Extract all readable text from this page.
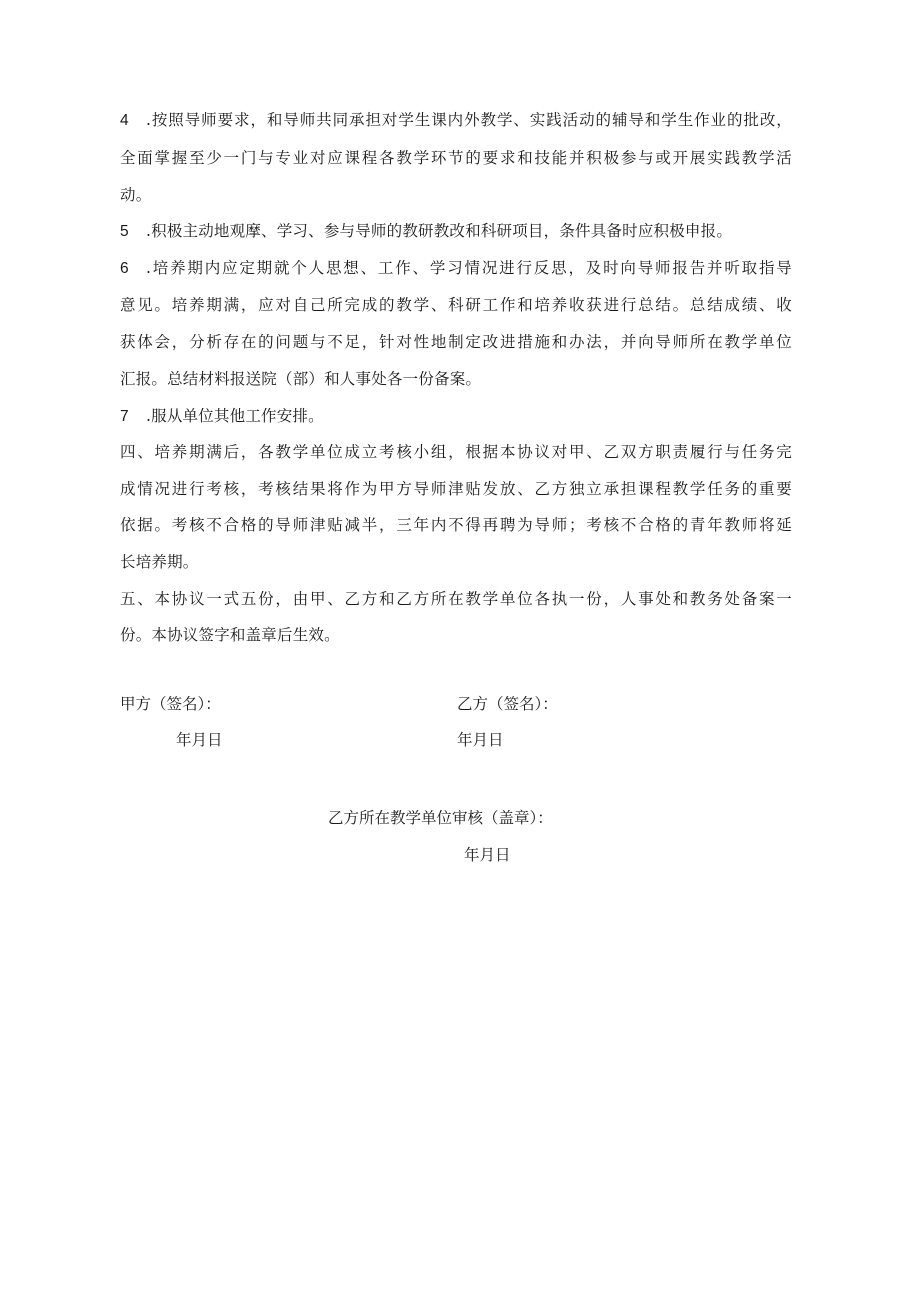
4 .按照导师要求，和导师共同承担对学生课内外教学、实践活动的辅导和学生作业的批改，
全面掌握至少一门与专业对应课程各教学环节的要求和技能并积极参与或开展实践教学活
动。
5 .积极主动地观摩、学习、参与导师的教研教改和科研项目，条件具备时应积极申报。
6 .培养期内应定期就个人思想、工作、学习情况进行反思，及时向导师报告并听取指导
意见。培养期满，应对自己所完成的教学、科研工作和培养收获进行总结。总结成绩、收
获体会，分析存在的问题与不足，针对性地制定改进措施和办法，并向导师所在教学单位
汇报。总结材料报送院（部）和人事处各一份备案。
7 .服从单位其他工作安排。
四、培养期满后，各教学单位成立考核小组，根据本协议对甲、乙双方职责履行与任务完
成情况进行考核，考核结果将作为甲方导师津贴发放、乙方独立承担课程教学任务的重要
依据。考核不合格的导师津贴减半，三年内不得再聘为导师；考核不合格的青年教师将延
长培养期。
五、本协议一式五份，由甲、乙方和乙方所在教学单位各执一份，人事处和教务处备案一
份。本协议签字和盖章后生效。
甲方（签名）：
年月日
乙方（签名）：
年月日
乙方所在教学单位审核（盖章）：
年月日
